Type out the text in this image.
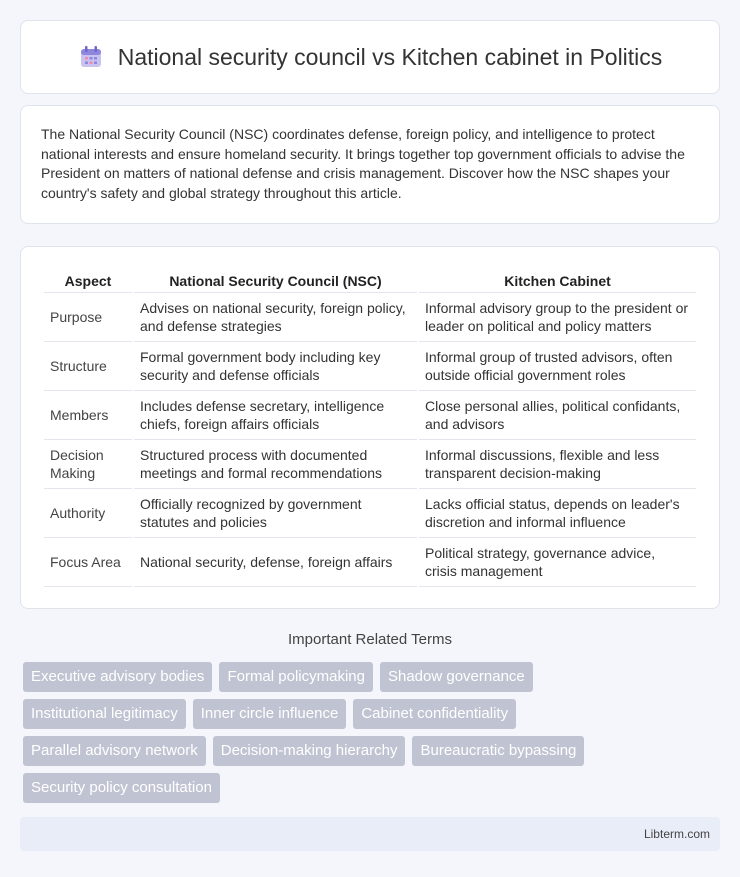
National security council vs Kitchen cabinet in Politics

The National Security Council (NSC) coordinates defense, foreign policy, and intelligence to protect national interests and ensure homeland security. It brings together top government officials to advise the President on matters of national defense and crisis management. Discover how the NSC shapes your country's safety and global strategy throughout this article.

Aspect	National Security Council (NSC)	Kitchen Cabinet
Purpose	Advises on national security, foreign policy, and defense strategies	Informal advisory group to the president or leader on political and policy matters
Structure	Formal government body including key security and defense officials	Informal group of trusted advisors, often outside official government roles
Members	Includes defense secretary, intelligence chiefs, foreign affairs officials	Close personal allies, political confidants, and advisors
Decision Making	Structured process with documented meetings and formal recommendations	Informal discussions, flexible and less transparent decision-making
Authority	Officially recognized by government statutes and policies	Lacks official status, depends on leader's discretion and informal influence
Focus Area	National security, defense, foreign affairs	Political strategy, governance advice, crisis management
Important Related Terms
Executive advisory bodies	Formal policymaking	Shadow governance
Institutional legitimacy	Inner circle influence	Cabinet confidentiality
Parallel advisory network	Decision-making hierarchy	Bureaucratic bypassing
Security policy consultation
Libterm.com
